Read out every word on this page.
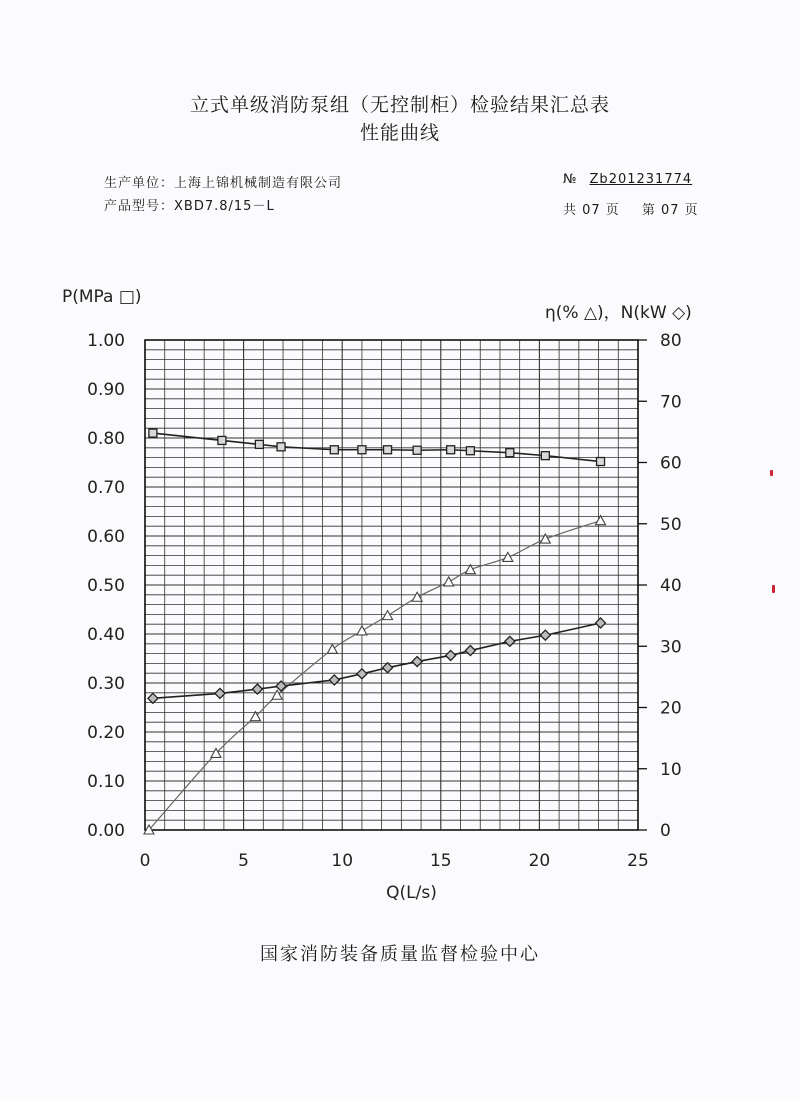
立式单级消防泵组（无控制柜）检验结果汇总表
性能曲线
生产单位：上海上锦机械制造有限公司
产品型号：XBD7.8/15－L
№ Zb201231774
共 07 页 第 07 页
0	5	10	15	20	25
0.00
0.10
0.20
0.30
0.40
0.50
0.60
0.70
0.80
0.90
1.00
0
10
20
30
40
50
60
70
80
P(MPa □)
η(% △)，N(kW ◇)
Q(L/s)
国家消防装备质量监督检验中心
